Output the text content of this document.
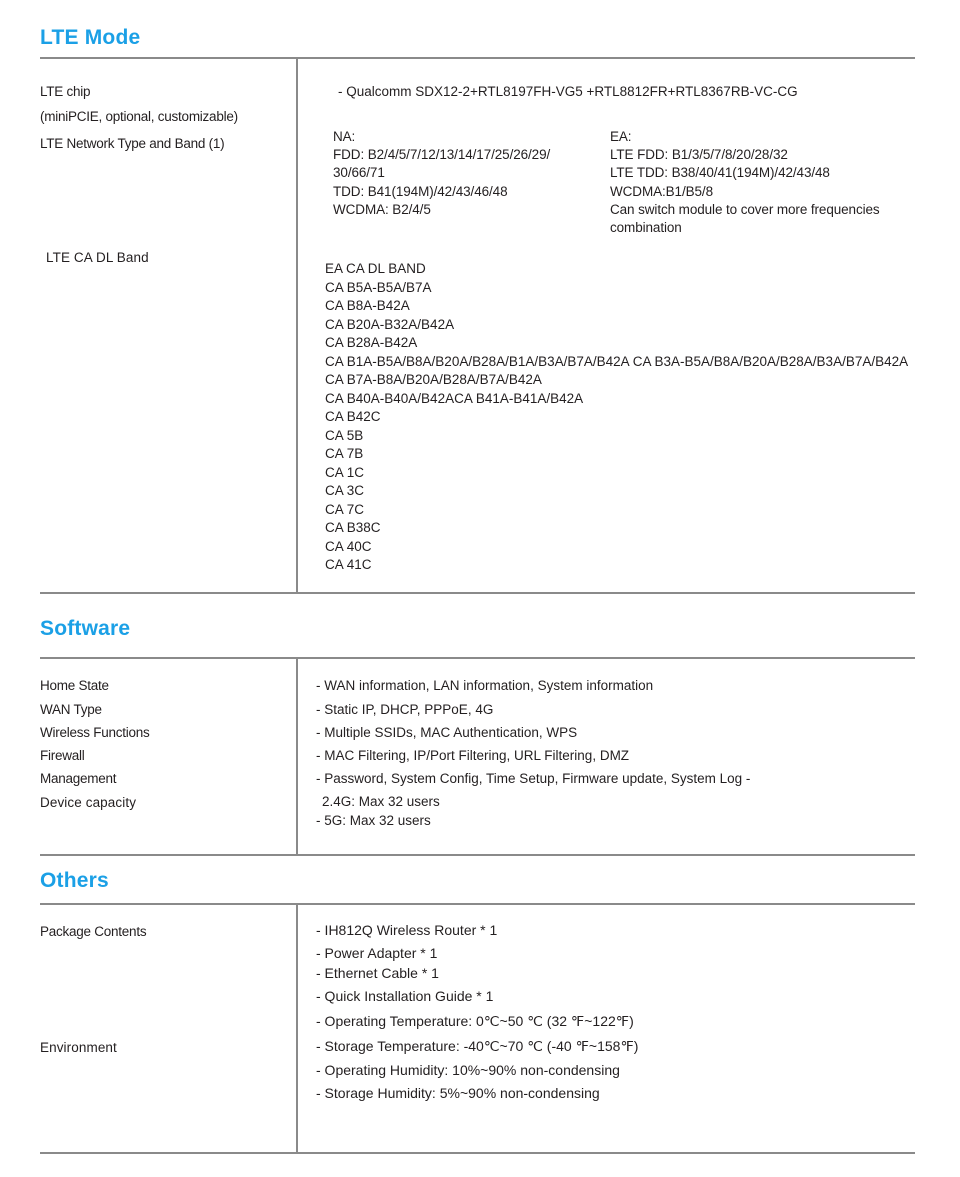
LTE Mode
LTE chip
(miniPCIE, optional, customizable)
LTE Network Type and Band (1)
LTE CA DL Band
- Qualcomm SDX12-2+RTL8197FH-VG5 +RTL8812FR+RTL8367RB-VC-CG
NA:
FDD: B2/4/5/7/12/13/14/17/25/26/29/
30/66/71
TDD: B41(194M)/42/43/46/48
WCDMA: B2/4/5
EA:
LTE FDD: B1/3/5/7/8/20/28/32
LTE TDD: B38/40/41(194M)/42/43/48
WCDMA:B1/B5/8
Can switch module to cover more frequencies
combination
EA CA DL BAND
CA B5A-B5A/B7A
CA B8A-B42A
CA B20A-B32A/B42A
CA B28A-B42A
CA B1A-B5A/B8A/B20A/B28A/B1A/B3A/B7A/B42A CA B3A-B5A/B8A/B20A/B28A/B3A/B7A/B42A
CA B7A-B8A/B20A/B28A/B7A/B42A
CA B40A-B40A/B42ACA B41A-B41A/B42A
CA B42C
CA 5B
CA 7B
CA 1C
CA 3C
CA 7C
CA B38C
CA 40C
CA 41C
Software
Home State
WAN Type
Wireless Functions
Firewall
Management
Device capacity
- WAN information, LAN information, System information
- Static IP, DHCP, PPPoE, 4G
- Multiple SSIDs, MAC Authentication, WPS
- MAC Filtering, IP/Port Filtering, URL Filtering, DMZ
- Password, System Config, Time Setup, Firmware update, System Log -
2.4G: Max 32 users
- 5G: Max 32 users
Others
Package Contents
Environment
- IH812Q Wireless Router * 1
- Power Adapter * 1
- Ethernet Cable * 1
- Quick Installation Guide * 1
- Operating Temperature: 0℃~50 ℃ (32 ℉~122℉)
- Storage Temperature: -40℃~70 ℃ (-40 ℉~158℉)
- Operating Humidity: 10%~90% non-condensing
- Storage Humidity: 5%~90% non-condensing
